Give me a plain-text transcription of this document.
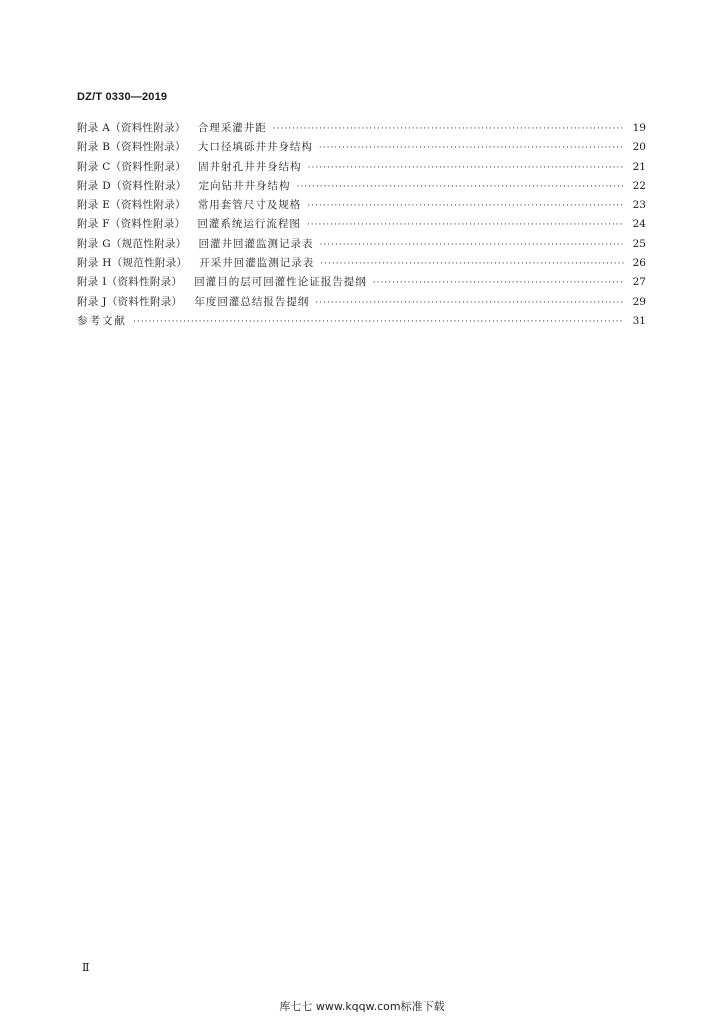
DZ/T 0330—2019
附录 A（资料性附录） 合理采灌井距 ·····	19
附录 B（资料性附录） 大口径填砾井井身结构 ·····	20
附录 C（资料性附录） 固井射孔井井身结构 ·····	21
附录 D（资料性附录） 定向钻井井身结构 ·····	22
附录 E（资料性附录） 常用套管尺寸及规格 ·····	23
附录 F（资料性附录） 回灌系统运行流程图 ·····	24
附录 G（规范性附录） 回灌井回灌监测记录表 ·····	25
附录 H（规范性附录） 开采井回灌监测记录表 ·····	26
附录 I（资料性附录） 回灌目的层可回灌性论证报告提纲 ·····	27
附录 J（资料性附录） 年度回灌总结报告提纲 ·····	29
参考文献 ·····	31
Ⅱ
库七七 www.kqqw.com标准下载
